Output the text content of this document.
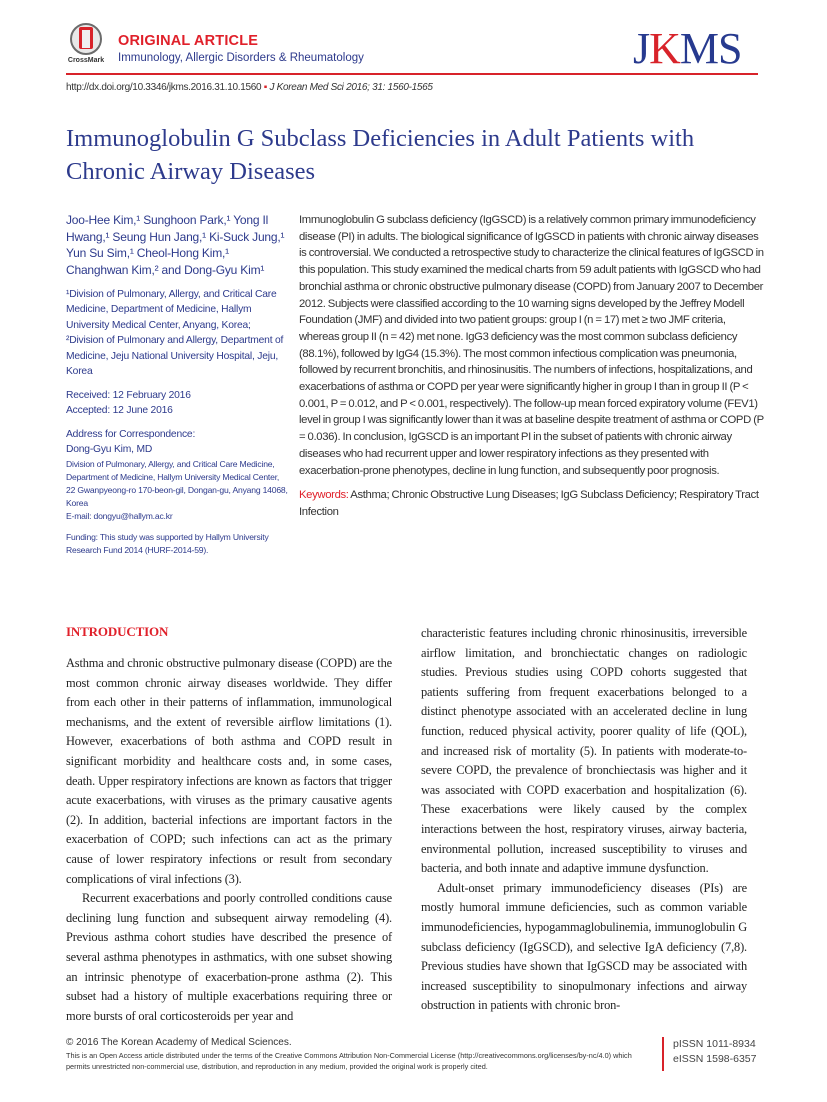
CrossMark
ORIGINAL ARTICLE
Immunology, Allergic Disorders & Rheumatology	JKMS
http://dx.doi.org/10.3346/jkms.2016.31.10.1560 ▪ J Korean Med Sci 2016; 31: 1560-1565
Immunoglobulin G Subclass Deficiencies in Adult Patients with Chronic Airway Diseases

Joo-Hee Kim,¹ Sunghoon Park,¹ Yong Il Hwang,¹ Seung Hun Jang,¹ Ki-Suck Jung,¹ Yun Su Sim,¹ Cheol-Hong Kim,¹ Changhwan Kim,² and Dong-Gyu Kim¹

¹Division of Pulmonary, Allergy, and Critical Care Medicine, Department of Medicine, Hallym University Medical Center, Anyang, Korea; ²Division of Pulmonary and Allergy, Department of Medicine, Jeju National University Hospital, Jeju, Korea

Received: 12 February 2016
Accepted: 12 June 2016

Address for Correspondence:
Dong-Gyu Kim, MD

Division of Pulmonary, Allergy, and Critical Care Medicine, Department of Medicine, Hallym University Medical Center, 22 Gwanpyeong-ro 170-beon-gil, Dongan-gu, Anyang 14068, Korea
E-mail: dongyu@hallym.ac.kr

Funding: This study was supported by Hallym University Research Fund 2014 (HURF-2014-59).

Immunoglobulin G subclass deficiency (IgGSCD) is a relatively common primary immunodeficiency disease (PI) in adults. The biological significance of IgGSCD in patients with chronic airway diseases is controversial. We conducted a retrospective study to characterize the clinical features of IgGSCD in this population. This study examined the medical charts from 59 adult patients with IgGSCD who had bronchial asthma or chronic obstructive pulmonary disease (COPD) from January 2007 to December 2012. Subjects were classified according to the 10 warning signs developed by the Jeffrey Modell Foundation (JMF) and divided into two patient groups: group I (n = 17) met ≥ two JMF criteria, whereas group II (n = 42) met none. IgG3 deficiency was the most common subclass deficiency (88.1%), followed by IgG4 (15.3%). The most common infectious complication was pneumonia, followed by recurrent bronchitis, and rhinosinusitis. The numbers of infections, hospitalizations, and exacerbations of asthma or COPD per year were significantly higher in group I than in group II (P < 0.001, P = 0.012, and P < 0.001, respectively). The follow-up mean forced expiratory volume (FEV1) level in group I was significantly lower than it was at baseline despite treatment of asthma or COPD (P = 0.036). In conclusion, IgGSCD is an important PI in the subset of patients with chronic airway diseases who had recurrent upper and lower respiratory infections as they presented with exacerbation-prone phenotypes, decline in lung function, and subsequently poor prognosis.

Keywords: Asthma; Chronic Obstructive Lung Diseases; IgG Subclass Deficiency; Respiratory Tract Infection

INTRODUCTION

Asthma and chronic obstructive pulmonary disease (COPD) are the most common chronic airway diseases worldwide. They differ from each other in their patterns of inflammation, immunological mechanisms, and the extent of reversible airflow limitations (1). However, exacerbations of both asthma and COPD result in significant morbidity and healthcare costs and, in some cases, death. Upper respiratory infections are known as factors that trigger acute exacerbations, with viruses as the primary causative agents (2). In addition, bacterial infections are important factors in the exacerbation of COPD; such infections can act as the primary cause of lower respiratory infections or result from secondary complications of viral infections (3).

Recurrent exacerbations and poorly controlled conditions cause declining lung function and subsequent airway remodeling (4). Previous asthma cohort studies have described the presence of several asthma phenotypes in asthmatics, with one subset showing an intrinsic phenotype of exacerbation-prone asthma (2). This subset had a history of multiple exacerbations requiring three or more bursts of oral corticosteroids per year and

characteristic features including chronic rhinosinusitis, irreversible airflow limitation, and bronchiectatic changes on radiologic studies. Previous studies using COPD cohorts suggested that patients suffering from frequent exacerbations belonged to a distinct phenotype associated with an accelerated decline in lung function, reduced physical activity, poorer quality of life (QOL), and increased risk of mortality (5). In patients with moderate-to-severe COPD, the prevalence of bronchiectasis was higher and it was associated with COPD exacerbation and hospitalization (6). These exacerbations were likely caused by the complex interactions between the host, respiratory viruses, airway bacteria, environmental pollution, increased susceptibility to viruses and bacteria, and both innate and adaptive immune dysfunction.

Adult-onset primary immunodeficiency diseases (PIs) are mostly humoral immune deficiencies, such as common variable immunodeficiencies, hypogammaglobulinemia, immunoglobulin G subclass deficiency (IgGSCD), and selective IgA deficiency (7,8). Previous studies have shown that IgGSCD may be associated with increased susceptibility to sinopulmonary infections and airway obstruction in patients with chronic bron-

© 2016 The Korean Academy of Medical Sciences.
This is an Open Access article distributed under the terms of the Creative Commons Attribution Non-Commercial License (http://creativecommons.org/licenses/by-nc/4.0) which permits unrestricted non-commercial use, distribution, and reproduction in any medium, provided the original work is properly cited.
pISSN 1011-8934
eISSN 1598-6357
